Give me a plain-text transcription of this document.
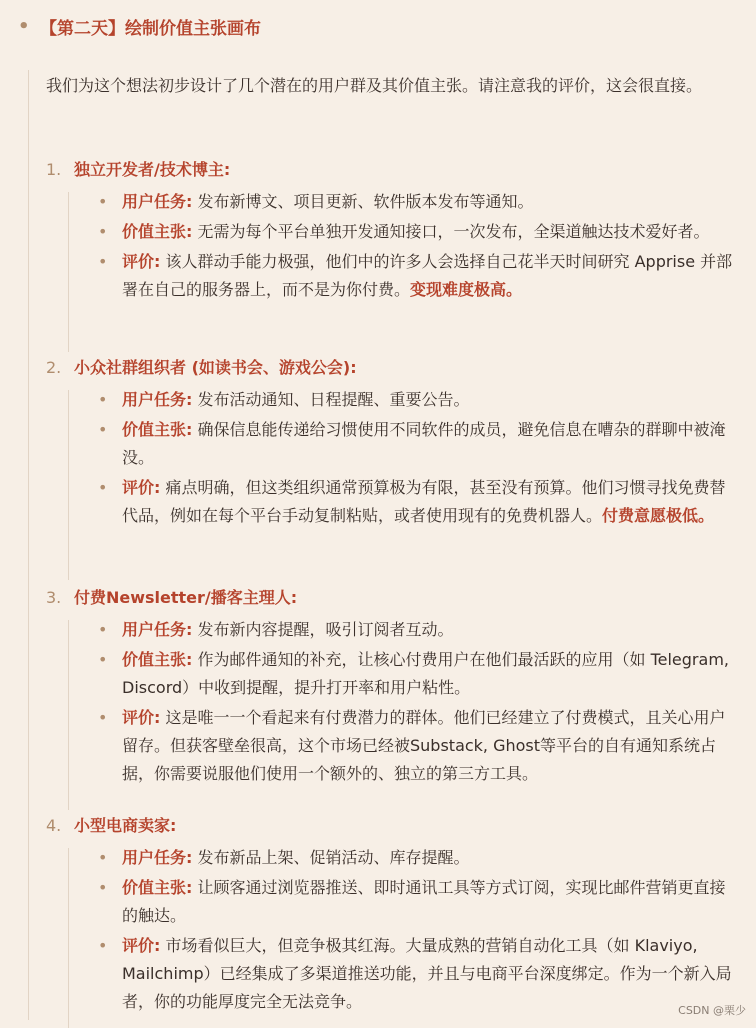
• 【第二天】绘制价值主张画布
我们为这个想法初步设计了几个潜在的用户群及其价值主张。请注意我的评价，这会很直接。
1. 独立开发者/技术博主:
• 用户任务: 发布新博文、项目更新、软件版本发布等通知。
• 价值主张: 无需为每个平台单独开发通知接口，一次发布，全渠道触达技术爱好者。
• 评价: 该人群动手能力极强，他们中的许多人会选择自己花半天时间研究 Apprise 并部署在自己的服务器上，而不是为你付费。变现难度极高。
2. 小众社群组织者 (如读书会、游戏公会):
• 用户任务: 发布活动通知、日程提醒、重要公告。
• 价值主张: 确保信息能传递给习惯使用不同软件的成员，避免信息在嘈杂的群聊中被淹没。
• 评价: 痛点明确，但这类组织通常预算极为有限，甚至没有预算。他们习惯寻找免费替代品，例如在每个平台手动复制粘贴，或者使用现有的免费机器人。付费意愿极低。
3. 付费Newsletter/播客主理人:
• 用户任务: 发布新内容提醒，吸引订阅者互动。
• 价值主张: 作为邮件通知的补充，让核心付费用户在他们最活跃的应用（如 Telegram, Discord）中收到提醒，提升打开率和用户粘性。
• 评价: 这是唯一一个看起来有付费潜力的群体。他们已经建立了付费模式，且关心用户留存。但获客壁垒很高，这个市场已经被Substack, Ghost等平台的自有通知系统占据，你需要说服他们使用一个额外的、独立的第三方工具。
4. 小型电商卖家:
• 用户任务: 发布新品上架、促销活动、库存提醒。
• 价值主张: 让顾客通过浏览器推送、即时通讯工具等方式订阅，实现比邮件营销更直接的触达。
• 评价: 市场看似巨大，但竞争极其红海。大量成熟的营销自动化工具（如 Klaviyo, Mailchimp）已经集成了多渠道推送功能，并且与电商平台深度绑定。作为一个新入局者，你的功能厚度完全无法竞争。	CSDN @栗少
